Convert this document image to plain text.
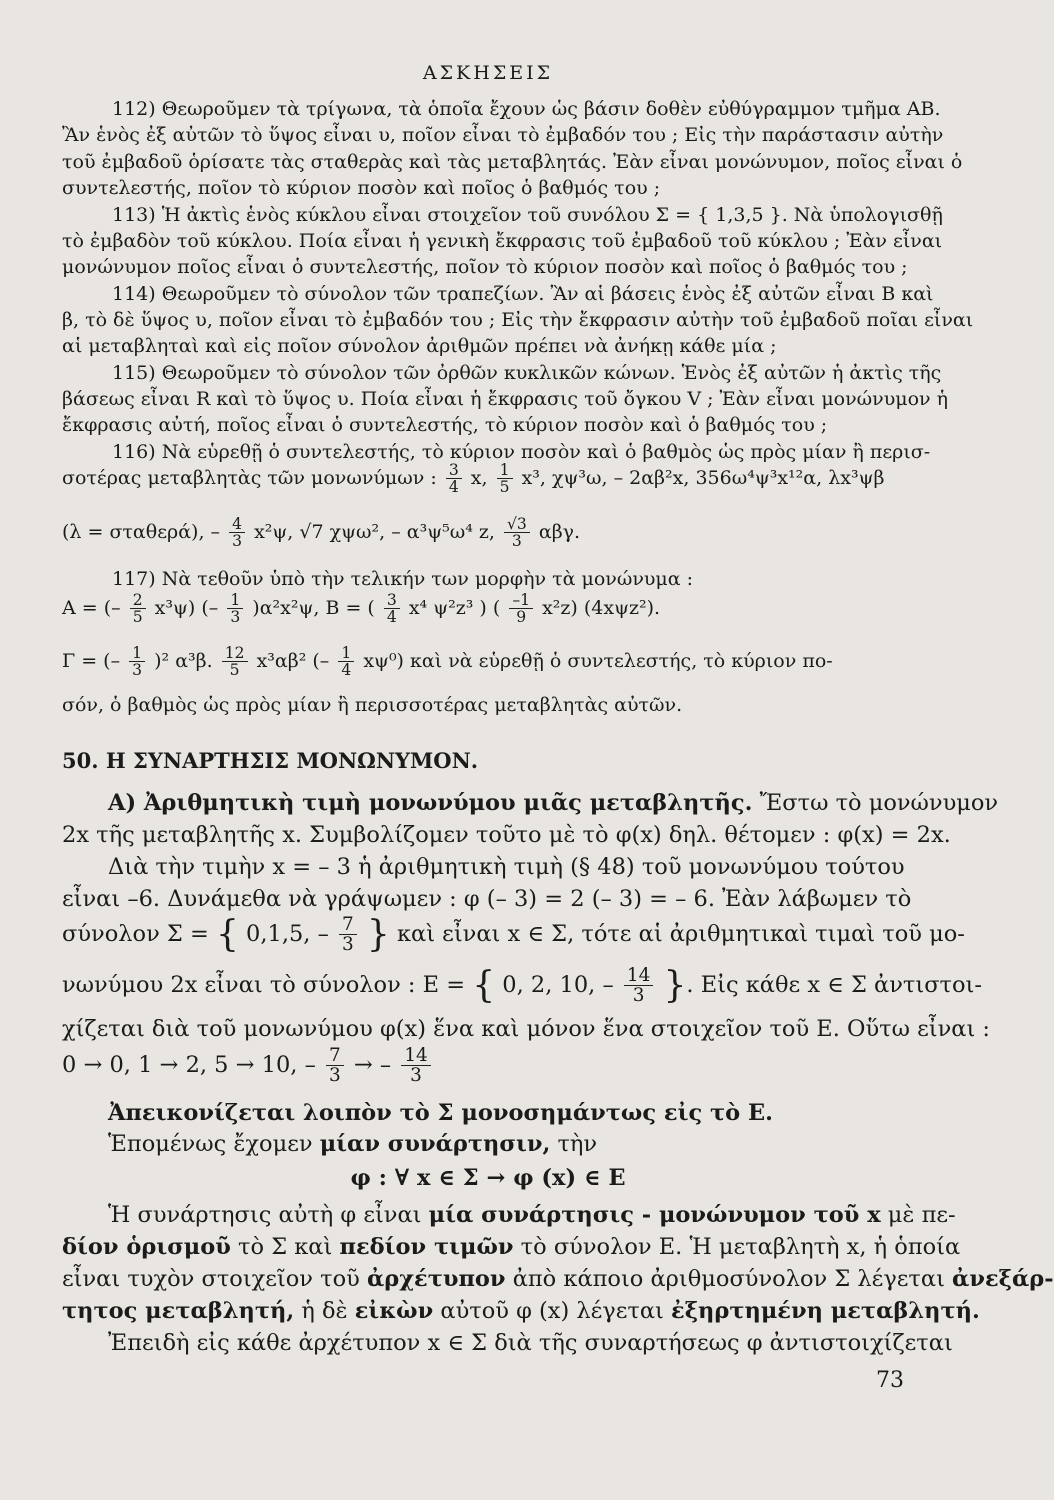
ΑΣΚΗΣΕΙΣ
112) Θεωροῦμεν τὰ τρίγωνα, τὰ ὁποῖα ἔχουν ὡς βάσιν δοθὲν εὐθύγραμμον τμῆμα ΑΒ.
Ἂν ἑνὸς ἐξ αὐτῶν τὸ ὕψος εἶναι υ, ποῖον εἶναι τὸ ἐμβαδόν του ; Εἰς τὴν παράστασιν αὐτὴν
τοῦ ἐμβαδοῦ ὁρίσατε τὰς σταθερὰς καὶ τὰς μεταβλητάς. Ἐὰν εἶναι μονώνυμον, ποῖος εἶναι ὁ
συντελεστής, ποῖον τὸ κύριον ποσὸν καὶ ποῖος ὁ βαθμός του ;
113) Ἡ ἀκτὶς ἑνὸς κύκλου εἶναι στοιχεῖον τοῦ συνόλου Σ = { 1,3,5 }. Νὰ ὑπολογισθῇ
τὸ ἐμβαδὸν τοῦ κύκλου. Ποία εἶναι ἡ γενικὴ ἔκφρασις τοῦ ἐμβαδοῦ τοῦ κύκλου ; Ἐὰν εἶναι
μονώνυμον ποῖος εἶναι ὁ συντελεστής, ποῖον τὸ κύριον ποσὸν καὶ ποῖος ὁ βαθμός του ;
114) Θεωροῦμεν τὸ σύνολον τῶν τραπεζίων. Ἂν αἱ βάσεις ἑνὸς ἐξ αὐτῶν εἶναι Β καὶ
β, τὸ δὲ ὕψος υ, ποῖον εἶναι τὸ ἐμβαδόν του ; Εἰς τὴν ἔκφρασιν αὐτὴν τοῦ ἐμβαδοῦ ποῖαι εἶναι
αἱ μεταβληταὶ καὶ εἰς ποῖον σύνολον ἀριθμῶν πρέπει νὰ ἀνήκῃ κάθε μία ;
115) Θεωροῦμεν τὸ σύνολον τῶν ὀρθῶν κυκλικῶν κώνων. Ἑνὸς ἐξ αὐτῶν ἡ ἀκτὶς τῆς
βάσεως εἶναι R καὶ τὸ ὕψος υ. Ποία εἶναι ἡ ἔκφρασις τοῦ ὄγκου V ; Ἐὰν εἶναι μονώνυμον ἡ
ἔκφρασις αὐτή, ποῖος εἶναι ὁ συντελεστής, τὸ κύριον ποσὸν καὶ ὁ βαθμός του ;
116) Νὰ εὑρεθῇ ὁ συντελεστής, τὸ κύριον ποσὸν καὶ ὁ βαθμὸς ὡς πρὸς μίαν ἢ περισ-
σοτέρας μεταβλητὰς τῶν μονωνύμων : $\frac{3}{4} x$, $\frac{1}{5} x^3$, χψ³ω, – 2αβ²x, 356ω⁴ψ³x¹²α, λx³ψβ
(λ = σταθερά), – $\frac{4}{3} x^2\psi$, √7 χψω², – α³ψ⁵ω⁴ z, $\frac{√3}{3} \alpha\beta\gamma$.
117) Νὰ τεθοῦν ὑπὸ τὴν τελικήν των μορφὴν τὰ μονώνυμα :
A = (– $\frac{2}{5} x^3\psi$) (– $\frac{1}{3} )\alpha^2x^2\psi$, B = ( $\frac{3}{4} x^4$ ψ²z³ ) ( $\frac{-1}{9} x^2z$) (4xψz²).
Γ = (– $\frac{1}{3} )^2$ α³β. $\frac{12}{5} x^3\alpha\beta^2$ (– $\frac{1}{4} x\psi^0$) καὶ νὰ εὑρεθῇ ὁ συντελεστής, τὸ κύριον πο-
σόν, ὁ βαθμὸς ὡς πρὸς μίαν ἢ περισσοτέρας μεταβλητὰς αὐτῶν.
50. Η ΣΥΝΑΡΤΗΣΙΣ ΜΟΝΩΝΥΜΟΝ.
Α) Ἀριθμητικὴ τιμὴ μονωνύμου μιᾶς μεταβλητῆς. Ἔστω τὸ μονώνυμον
2x τῆς μεταβλητῆς x. Συμβολίζομεν τοῦτο μὲ τὸ φ(x) δηλ. θέτομεν : φ(x) = 2x.
Διὰ τὴν τιμὴν x = – 3 ἡ ἀριθμητικὴ τιμὴ (§ 48) τοῦ μονωνύμου τούτου
εἶναι –6. Δυνάμεθα νὰ γράψωμεν : φ (– 3) = 2 (– 3) = – 6. Ἐὰν λάβωμεν τὸ
σύνολον Σ = { 0,1,5, – $\frac{7}{3}$ } καὶ εἶναι x ∈ Σ, τότε αἱ ἀριθμητικαὶ τιμαὶ τοῦ μο-
νωνύμου 2x εἶναι τὸ σύνολον : Ε = { 0, 2, 10, – $\frac{14}{3}$ }. Εἰς κάθε x ∈ Σ ἀντιστοι-
χίζεται διὰ τοῦ μονωνύμου φ(x) ἕνα καὶ μόνον ἕνα στοιχεῖον τοῦ Ε. Οὕτω εἶναι :
0 → 0, 1 → 2, 5 → 10, – $\frac{7}{3}$ → – $\frac{14}{3}$
Ἀπεικονίζεται λοιπὸν τὸ Σ μονοσημάντως εἰς τὸ Ε.
Ἑπομένως ἔχομεν μίαν συνάρτησιν, τὴν
φ : ∀ x ∈ Σ → φ (x) ∈ Ε
Ἡ συνάρτησις αὐτὴ φ εἶναι μία συνάρτησις - μονώνυμον τοῦ x μὲ πε-
δίον ὁρισμοῦ τὸ Σ καὶ πεδίον τιμῶν τὸ σύνολον Ε. Ἡ μεταβλητὴ x, ἡ ὁποία
εἶναι τυχὸν στοιχεῖον τοῦ ἀρχέτυπον ἀπὸ κάποιο ἀριθμοσύνολον Σ λέγεται ἀνεξάρ-
τητος μεταβλητή, ἡ δὲ εἰκὼν αὐτοῦ φ (x) λέγεται ἐξηρτημένη μεταβλητή.
Ἐπειδὴ εἰς κάθε ἀρχέτυπον x ∈ Σ διὰ τῆς συναρτήσεως φ ἀντιστοιχίζεται
73
